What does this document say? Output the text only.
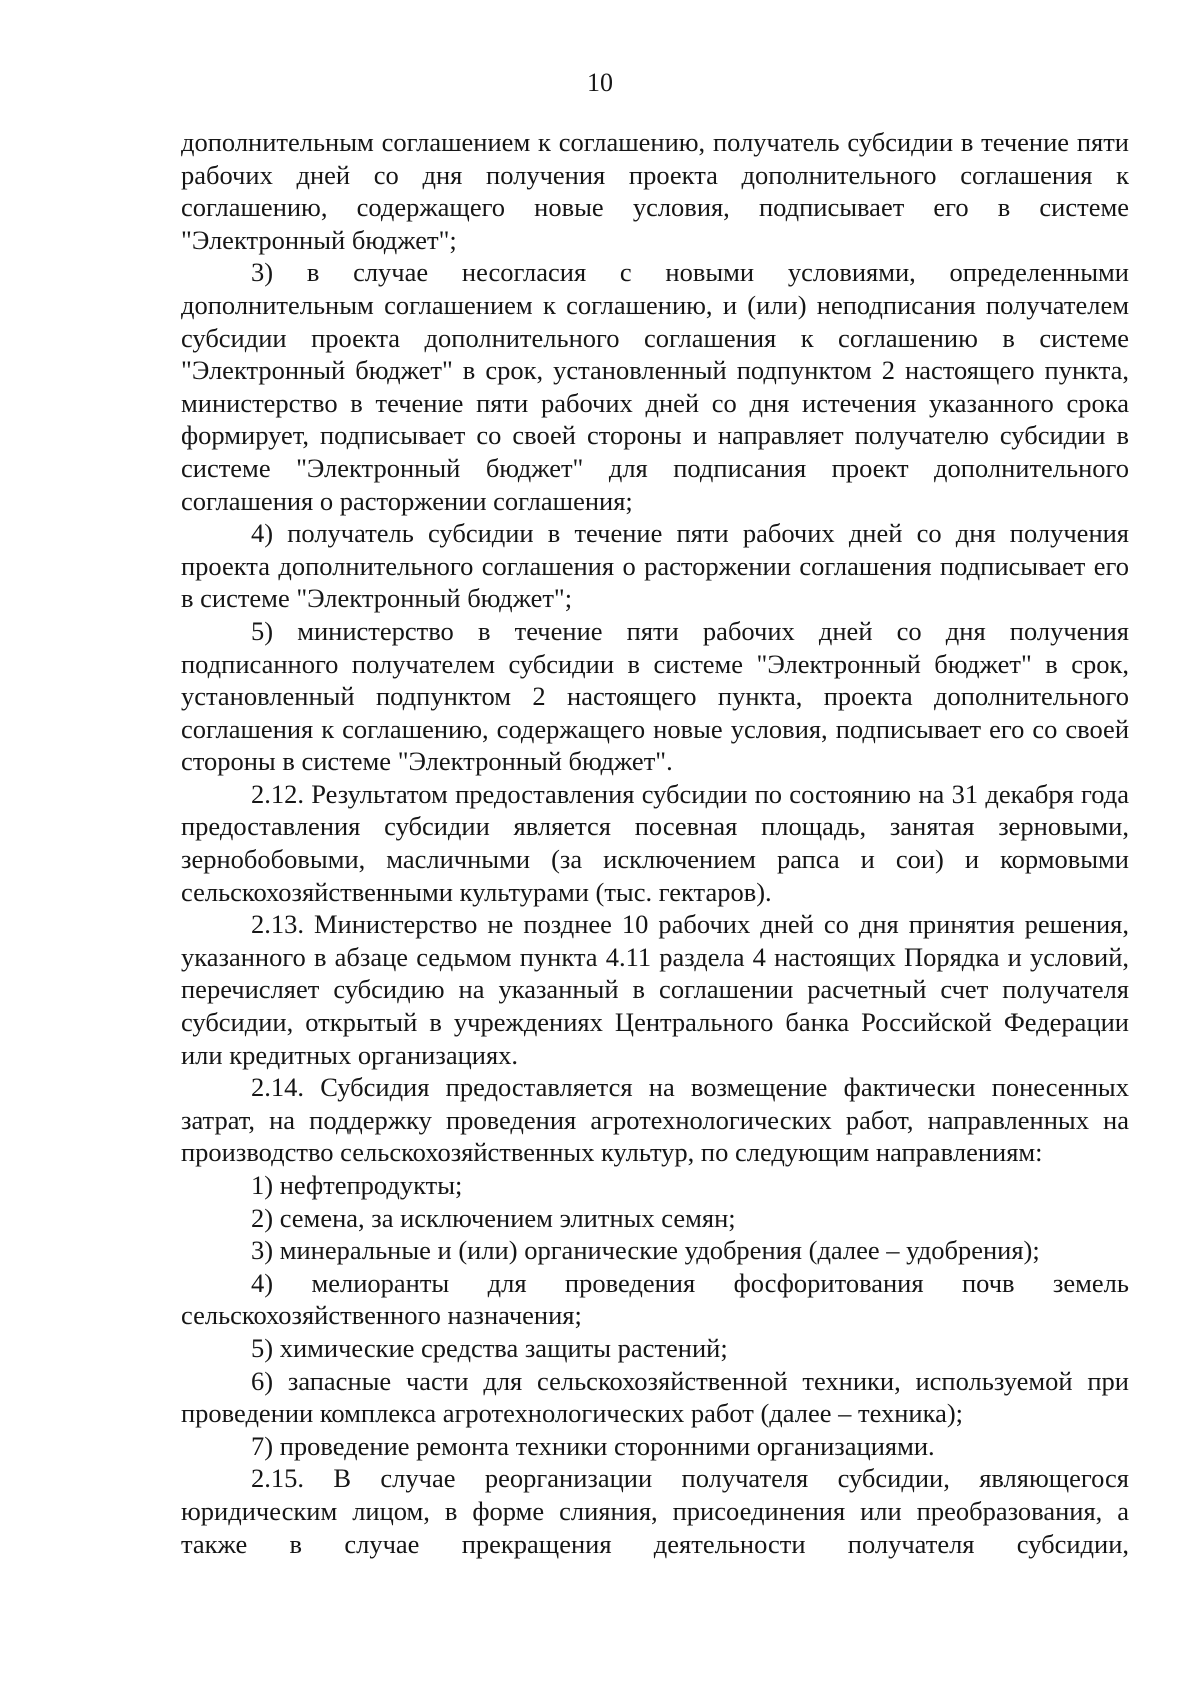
10

дополнительным соглашением к соглашению, получатель субсидии в течение пяти рабочих дней со дня получения проекта дополнительного соглашения к соглашению, содержащего новые условия, подписывает его в системе "Электронный бюджет";

3) в случае несогласия с новыми условиями, определенными дополнительным соглашением к соглашению, и (или) неподписания получателем субсидии проекта дополнительного соглашения к соглашению в системе "Электронный бюджет" в срок, установленный подпунктом 2 настоящего пункта, министерство в течение пяти рабочих дней со дня истечения указанного срока формирует, подписывает со своей стороны и направляет получателю субсидии в системе "Электронный бюджет" для подписания проект дополнительного соглашения о расторжении соглашения;

4) получатель субсидии в течение пяти рабочих дней со дня получения проекта дополнительного соглашения о расторжении соглашения подписывает его в системе "Электронный бюджет";

5) министерство в течение пяти рабочих дней со дня получения подписанного получателем субсидии в системе "Электронный бюджет" в срок, установленный подпунктом 2 настоящего пункта, проекта дополнительного соглашения к соглашению, содержащего новые условия, подписывает его со своей стороны в системе "Электронный бюджет".

2.12. Результатом предоставления субсидии по состоянию на 31 декабря года предоставления субсидии является посевная площадь, занятая зерновыми, зернобобовыми, масличными (за исключением рапса и сои) и кормовыми сельскохозяйственными культурами (тыс. гектаров).

2.13. Министерство не позднее 10 рабочих дней со дня принятия решения, указанного в абзаце седьмом пункта 4.11 раздела 4 настоящих Порядка и условий, перечисляет субсидию на указанный в соглашении расчетный счет получателя субсидии, открытый в учреждениях Центрального банка Российской Федерации или кредитных организациях.

2.14. Субсидия предоставляется на возмещение фактически понесенных затрат, на поддержку проведения агротехнологических работ, направленных на производство сельскохозяйственных культур, по следующим направлениям:

1) нефтепродукты;

2) семена, за исключением элитных семян;

3) минеральные и (или) органические удобрения (далее – удобрения);

4) мелиоранты для проведения фосфоритования почв земель сельскохозяйственного назначения;

5) химические средства защиты растений;

6) запасные части для сельскохозяйственной техники, используемой при проведении комплекса агротехнологических работ (далее – техника);

7) проведение ремонта техники сторонними организациями.

2.15. В случае реорганизации получателя субсидии, являющегося юридическим лицом, в форме слияния, присоединения или преобразования, а также в случае прекращения деятельности получателя субсидии,
